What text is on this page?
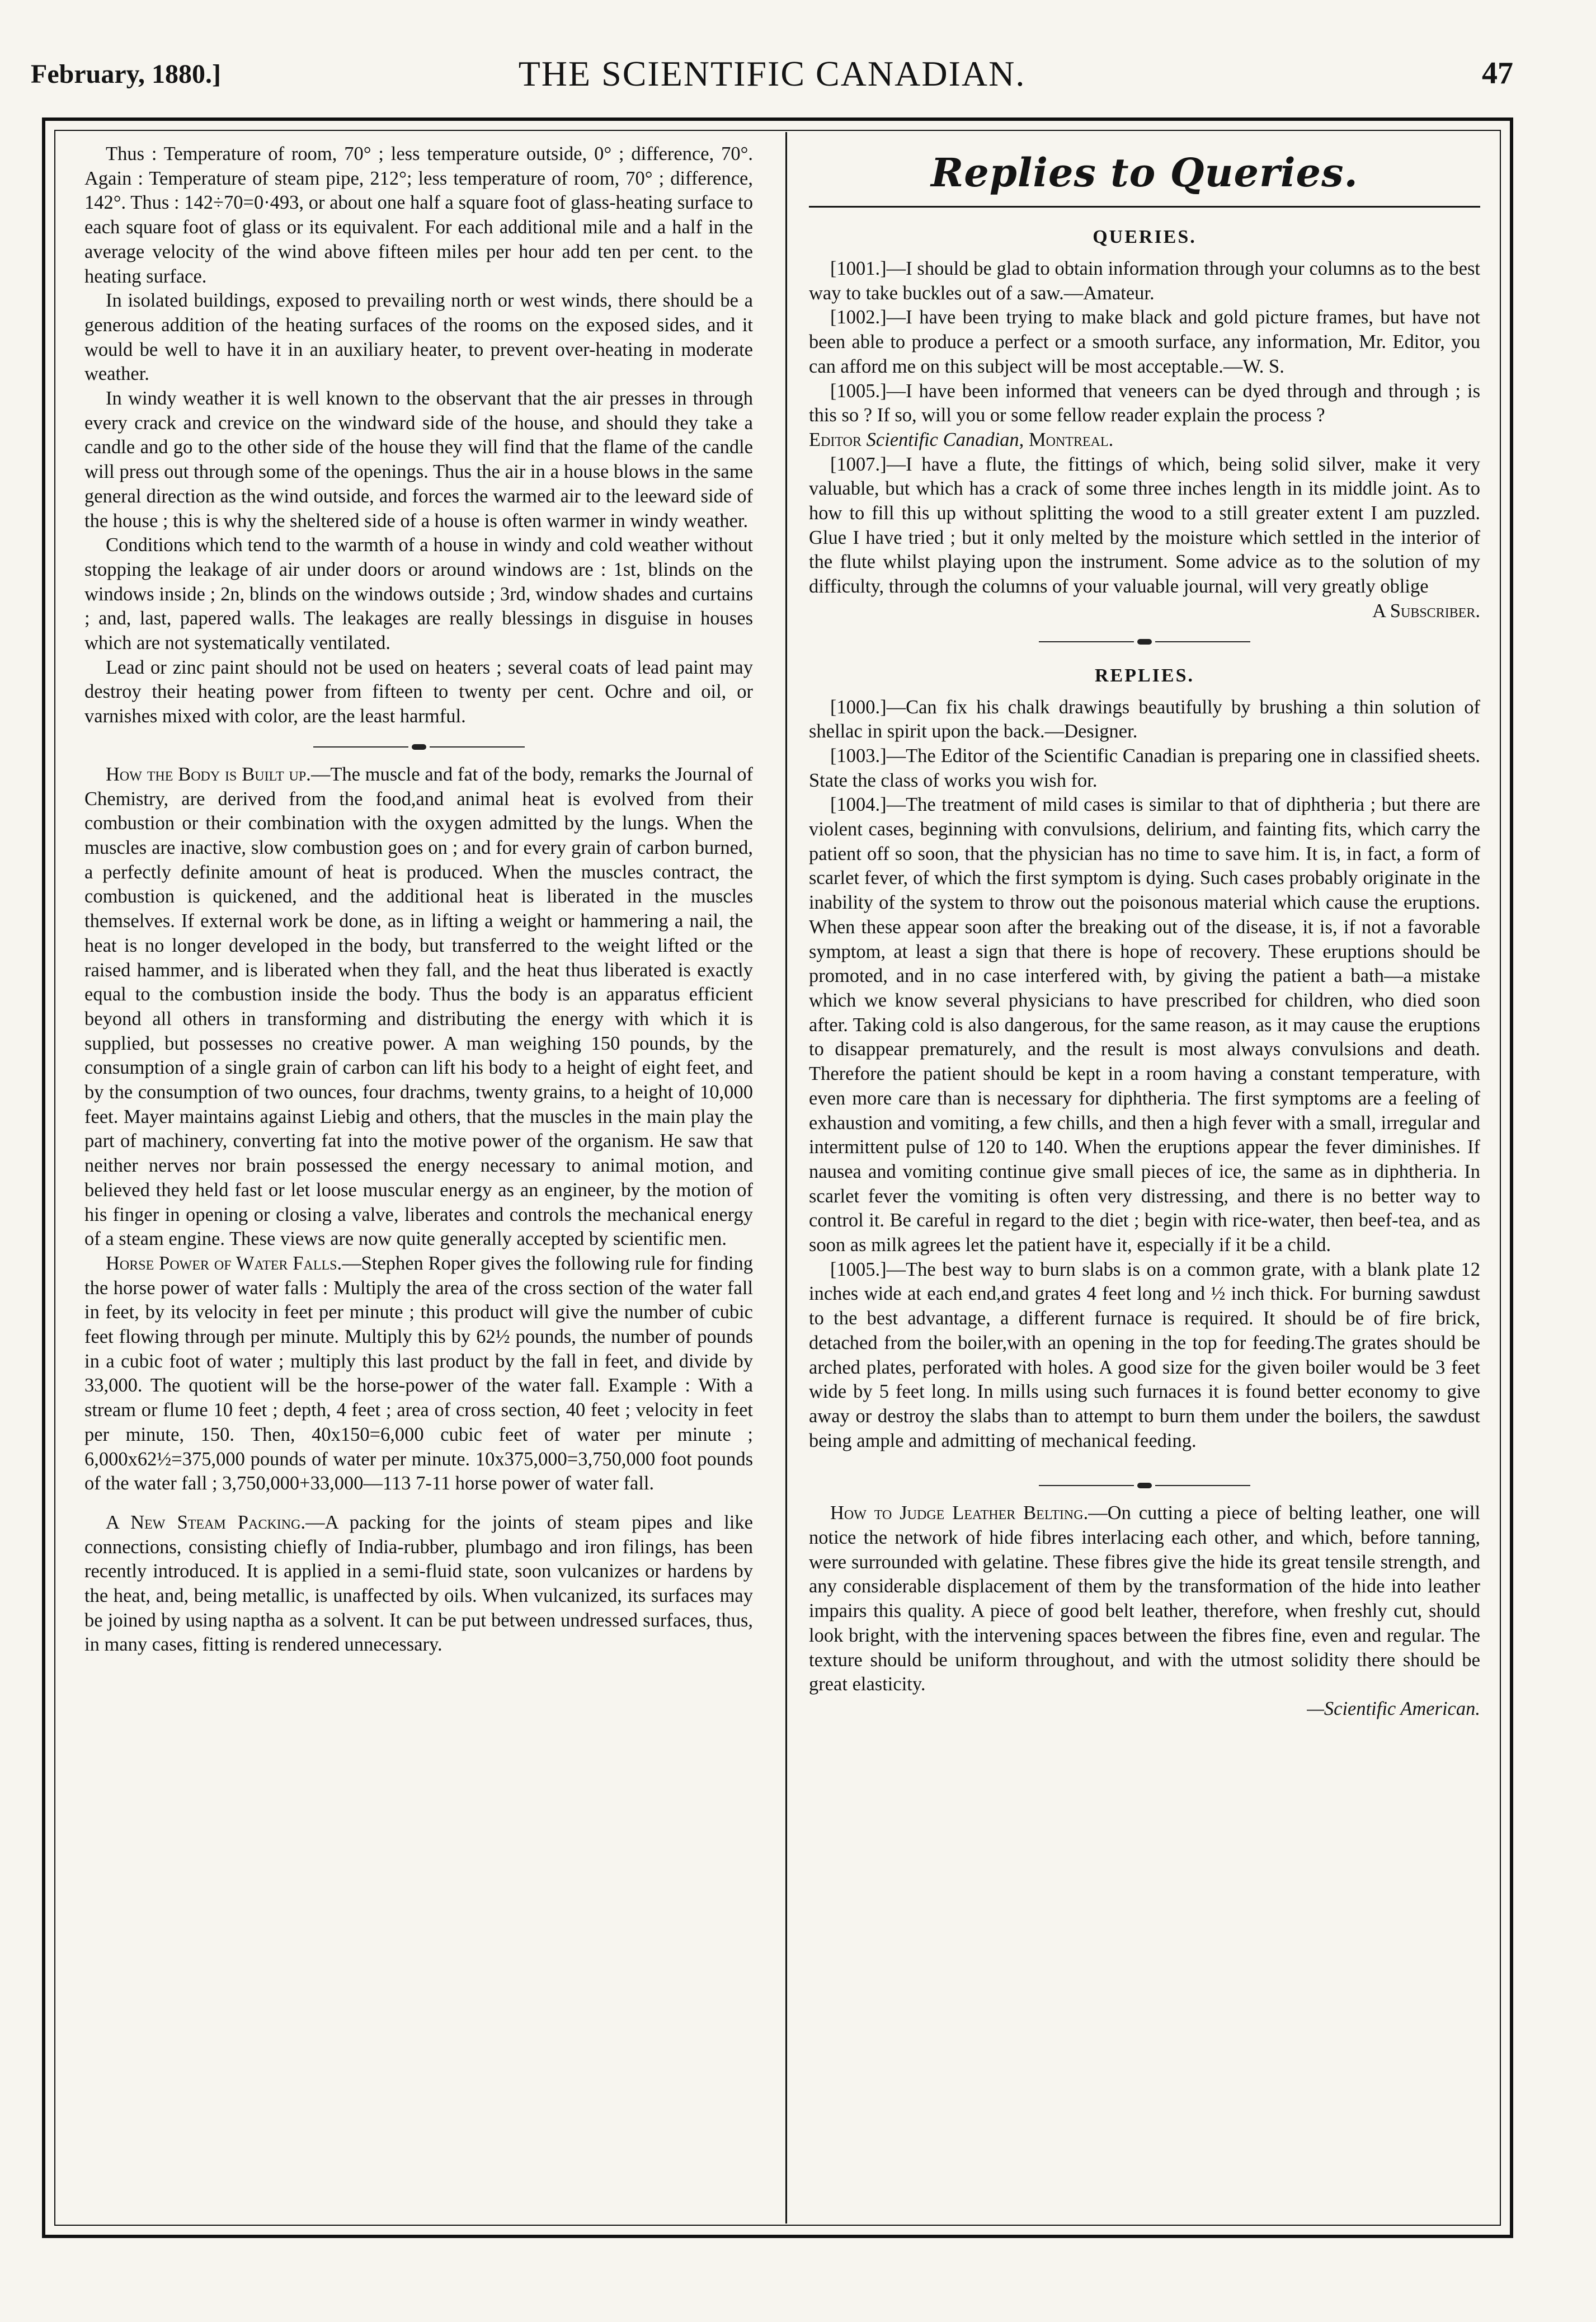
February, 1880.]	THE SCIENTIFIC CANADIAN.	47

Thus : Temperature of room, 70° ; less temperature outside, 0° ; difference, 70°. Again : Temperature of steam pipe, 212°; less temperature of room, 70° ; difference, 142°. Thus : 142÷70=0·493, or about one half a square foot of glass-heating surface to each square foot of glass or its equivalent. For each additional mile and a half in the average velocity of the wind above fifteen miles per hour add ten per cent. to the heating surface.

In isolated buildings, exposed to prevailing north or west winds, there should be a generous addition of the heating surfaces of the rooms on the exposed sides, and it would be well to have it in an auxiliary heater, to prevent over-heating in moderate weather.

In windy weather it is well known to the observant that the air presses in through every crack and crevice on the windward side of the house, and should they take a candle and go to the other side of the house they will find that the flame of the candle will press out through some of the openings. Thus the air in a house blows in the same general direction as the wind outside, and forces the warmed air to the leeward side of the house ; this is why the sheltered side of a house is often warmer in windy weather.

Conditions which tend to the warmth of a house in windy and cold weather without stopping the leakage of air under doors or around windows are : 1st, blinds on the windows inside ; 2n, blinds on the windows outside ; 3rd, window shades and curtains ; and, last, papered walls. The leakages are really blessings in disguise in houses which are not systematically ventilated.

Lead or zinc paint should not be used on heaters ; several coats of lead paint may destroy their heating power from fifteen to twenty per cent. Ochre and oil, or varnishes mixed with color, are the least harmful.

How the Body is Built up.—The muscle and fat of the body, remarks the Journal of Chemistry, are derived from the food,and animal heat is evolved from their combustion or their combination with the oxygen admitted by the lungs. When the muscles are inactive, slow combustion goes on ; and for every grain of carbon burned, a perfectly definite amount of heat is produced. When the muscles contract, the combustion is quickened, and the additional heat is liberated in the muscles themselves. If external work be done, as in lifting a weight or hammering a nail, the heat is no longer developed in the body, but transferred to the weight lifted or the raised hammer, and is liberated when they fall, and the heat thus liberated is exactly equal to the combustion inside the body. Thus the body is an apparatus efficient beyond all others in transforming and distributing the energy with which it is supplied, but possesses no creative power. A man weighing 150 pounds, by the consumption of a single grain of carbon can lift his body to a height of eight feet, and by the consumption of two ounces, four drachms, twenty grains, to a height of 10,000 feet. Mayer maintains against Liebig and others, that the muscles in the main play the part of machinery, converting fat into the motive power of the organism. He saw that neither nerves nor brain possessed the energy necessary to animal motion, and believed they held fast or let loose muscular energy as an engineer, by the motion of his finger in opening or closing a valve, liberates and controls the mechanical energy of a steam engine. These views are now quite generally accepted by scientific men.

Horse Power of Water Falls.—Stephen Roper gives the following rule for finding the horse power of water falls : Multiply the area of the cross section of the water fall in feet, by its velocity in feet per minute ; this product will give the number of cubic feet flowing through per minute. Multiply this by 62½ pounds, the number of pounds in a cubic foot of water ; multiply this last product by the fall in feet, and divide by 33,000. The quotient will be the horse-power of the water fall. Example : With a stream or flume 10 feet ; depth, 4 feet ; area of cross section, 40 feet ; velocity in feet per minute, 150. Then, 40x150=6,000 cubic feet of water per minute ; 6,000x62½=375,000 pounds of water per minute. 10x375,000=3,750,000 foot pounds of the water fall ; 3,750,000+33,000—113 7-11 horse power of water fall.

A New Steam Packing.—A packing for the joints of steam pipes and like connections, consisting chiefly of India-rubber, plumbago and iron filings, has been recently introduced. It is applied in a semi-fluid state, soon vulcanizes or hardens by the heat, and, being metallic, is unaffected by oils. When vulcanized, its surfaces may be joined by using naptha as a solvent. It can be put between undressed surfaces, thus, in many cases, fitting is rendered unnecessary.

Replies to Queries.
QUERIES.

[1001.]—I should be glad to obtain information through your columns as to the best way to take buckles out of a saw.—Amateur.

[1002.]—I have been trying to make black and gold picture frames, but have not been able to produce a perfect or a smooth surface, any information, Mr. Editor, you can afford me on this subject will be most acceptable.—W. S.

[1005.]—I have been informed that veneers can be dyed through and through ; is this so ? If so, will you or some fellow reader explain the process ?

Editor Scientific Canadian, Montreal.

[1007.]—I have a flute, the fittings of which, being solid silver, make it very valuable, but which has a crack of some three inches length in its middle joint. As to how to fill this up without splitting the wood to a still greater extent I am puzzled. Glue I have tried ; but it only melted by the moisture which settled in the interior of the flute whilst playing upon the instrument. Some advice as to the solution of my difficulty, through the columns of your valuable journal, will very greatly oblige

A Subscriber.

REPLIES.

[1000.]—Can fix his chalk drawings beautifully by brushing a thin solution of shellac in spirit upon the back.—Designer.

[1003.]—The Editor of the Scientific Canadian is preparing one in classified sheets. State the class of works you wish for.

[1004.]—The treatment of mild cases is similar to that of diphtheria ; but there are violent cases, beginning with convulsions, delirium, and fainting fits, which carry the patient off so soon, that the physician has no time to save him. It is, in fact, a form of scarlet fever, of which the first symptom is dying. Such cases probably originate in the inability of the system to throw out the poisonous material which cause the eruptions. When these appear soon after the breaking out of the disease, it is, if not a favorable symptom, at least a sign that there is hope of recovery. These eruptions should be promoted, and in no case interfered with, by giving the patient a bath—a mistake which we know several physicians to have prescribed for children, who died soon after. Taking cold is also dangerous, for the same reason, as it may cause the eruptions to disappear prematurely, and the result is most always convulsions and death. Therefore the patient should be kept in a room having a constant temperature, with even more care than is necessary for diphtheria. The first symptoms are a feeling of exhaustion and vomiting, a few chills, and then a high fever with a small, irregular and intermittent pulse of 120 to 140. When the eruptions appear the fever diminishes. If nausea and vomiting continue give small pieces of ice, the same as in diphtheria. In scarlet fever the vomiting is often very distressing, and there is no better way to control it. Be careful in regard to the diet ; begin with rice-water, then beef-tea, and as soon as milk agrees let the patient have it, especially if it be a child.

[1005.]—The best way to burn slabs is on a common grate, with a blank plate 12 inches wide at each end,and grates 4 feet long and ½ inch thick. For burning sawdust to the best advantage, a different furnace is required. It should be of fire brick, detached from the boiler,with an opening in the top for feeding.The grates should be arched plates, perforated with holes. A good size for the given boiler would be 3 feet wide by 5 feet long. In mills using such furnaces it is found better economy to give away or destroy the slabs than to attempt to burn them under the boilers, the sawdust being ample and admitting of mechanical feeding.

How to Judge Leather Belting.—On cutting a piece of belting leather, one will notice the network of hide fibres interlacing each other, and which, before tanning, were surrounded with gelatine. These fibres give the hide its great tensile strength, and any considerable displacement of them by the transformation of the hide into leather impairs this quality. A piece of good belt leather, therefore, when freshly cut, should look bright, with the intervening spaces between the fibres fine, even and regular. The texture should be uniform throughout, and with the utmost solidity there should be great elasticity.

—Scientific American.
